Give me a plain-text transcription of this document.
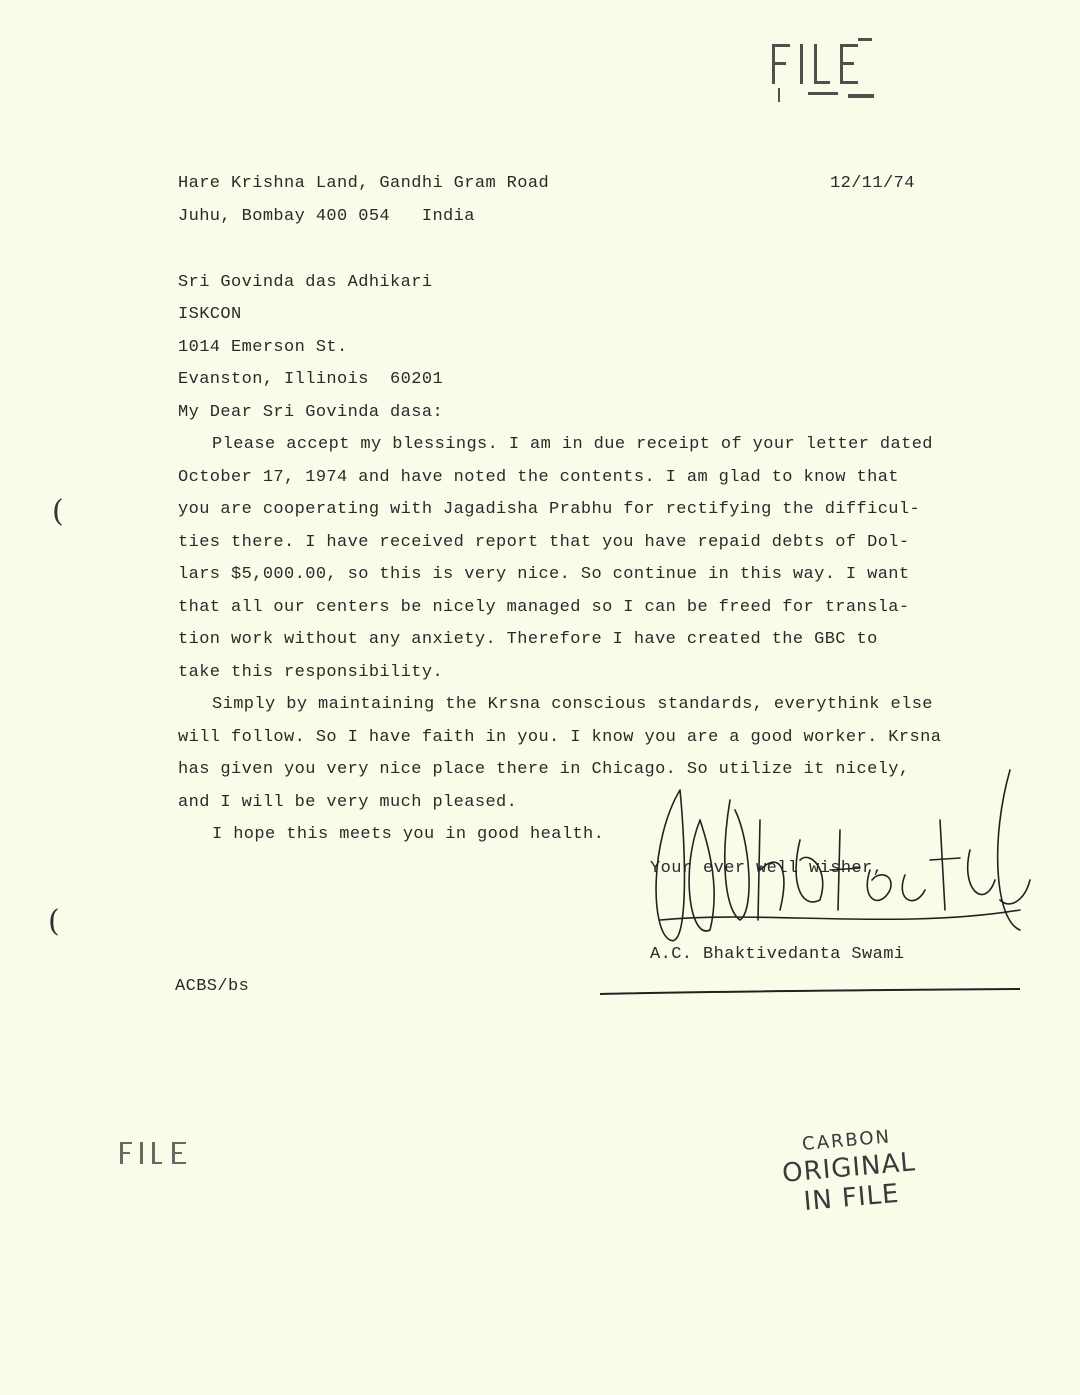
(
(
Hare Krishna Land, Gandhi Gram Road	12/11/74
Juhu, Bombay 400 054   India
Sri Govinda das Adhikari
ISKCON
1014 Emerson St.
Evanston, Illinois  60201
My Dear Sri Govinda dasa:
Please accept my blessings. I am in due receipt of your letter dated
October 17, 1974 and have noted the contents. I am glad to know that
you are cooperating with Jagadisha Prabhu for rectifying the difficul-
ties there. I have received report that you have repaid debts of Dol-
lars $5,000.00, so this is very nice. So continue in this way. I want
that all our centers be nicely managed so I can be freed for transla-
tion work without any anxiety. Therefore I have created the GBC to
take this responsibility.
Simply by maintaining the Krsna conscious standards, everythink else
will follow. So I have faith in you. I know you are a good worker. Krsna
has given you very nice place there in Chicago. So utilize it nicely,
and I will be very much pleased.
I hope this meets you in good health.
Your ever well wisher,
A.C. Bhaktivedanta Swami
ACBS/bs
CARBON
ORIGINAL
IN FILE
